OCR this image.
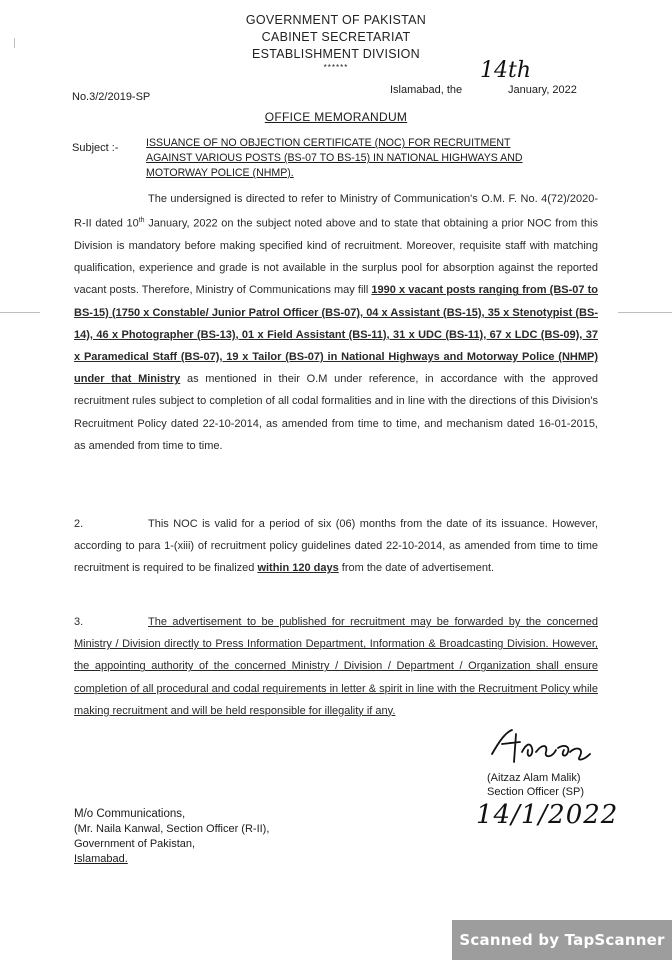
GOVERNMENT OF PAKISTAN
CABINET SECRETARIAT
ESTABLISHMENT DIVISION
******
No.3/2/2019-SP
Islamabad, the
14th
January, 2022
OFFICE MEMORANDUM
Subject :-	ISSUANCE OF NO OBJECTION CERTIFICATE (NOC) FOR RECRUITMENT
AGAINST VARIOUS POSTS (BS-07 TO BS-15) IN NATIONAL HIGHWAYS AND
MOTORWAY POLICE (NHMP).
The undersigned is directed to refer to Ministry of Communication's O.M. F. No. 4(72)/2020-R-II dated 10th January, 2022 on the subject noted above and to state that obtaining a prior NOC from this Division is mandatory before making specified kind of recruitment. Moreover, requisite staff with matching qualification, experience and grade is not available in the surplus pool for absorption against the reported vacant posts. Therefore, Ministry of Communications may fill 1990 x vacant posts ranging from (BS-07 to BS-15) (1750 x Constable/ Junior Patrol Officer (BS-07), 04 x Assistant (BS-15), 35 x Stenotypist (BS-14), 46 x Photographer (BS-13), 01 x Field Assistant (BS-11), 31 x UDC (BS-11), 67 x LDC (BS-09), 37 x Paramedical Staff (BS-07), 19 x Tailor (BS-07) in National Highways and Motorway Police (NHMP) under that Ministry as mentioned in their O.M under reference, in accordance with the approved recruitment rules subject to completion of all codal formalities and in line with the directions of this Division's Recruitment Policy dated 22-10-2014, as amended from time to time, and mechanism dated 16-01-2015, as amended from time to time.
2.	This NOC is valid for a period of six (06) months from the date of its issuance. However, according to para 1-(xiii) of recruitment policy guidelines dated 22-10-2014, as amended from time to time recruitment is required to be finalized within 120 days from the date of advertisement.
3.	The advertisement to be published for recruitment may be forwarded by the concerned Ministry / Division directly to Press Information Department, Information & Broadcasting Division. However, the appointing authority of the concerned Ministry / Division / Department / Organization shall ensure completion of all procedural and codal requirements in letter & spirit in line with the Recruitment Policy while making recruitment and will be held responsible for illegality if any.
(Aitzaz Alam Malik)
Section Officer (SP)
14/1/2022
M/o Communications,
(Mr. Naila Kanwal, Section Officer (R-II),
Government of Pakistan,
Islamabad.
Scanned by TapScanner
